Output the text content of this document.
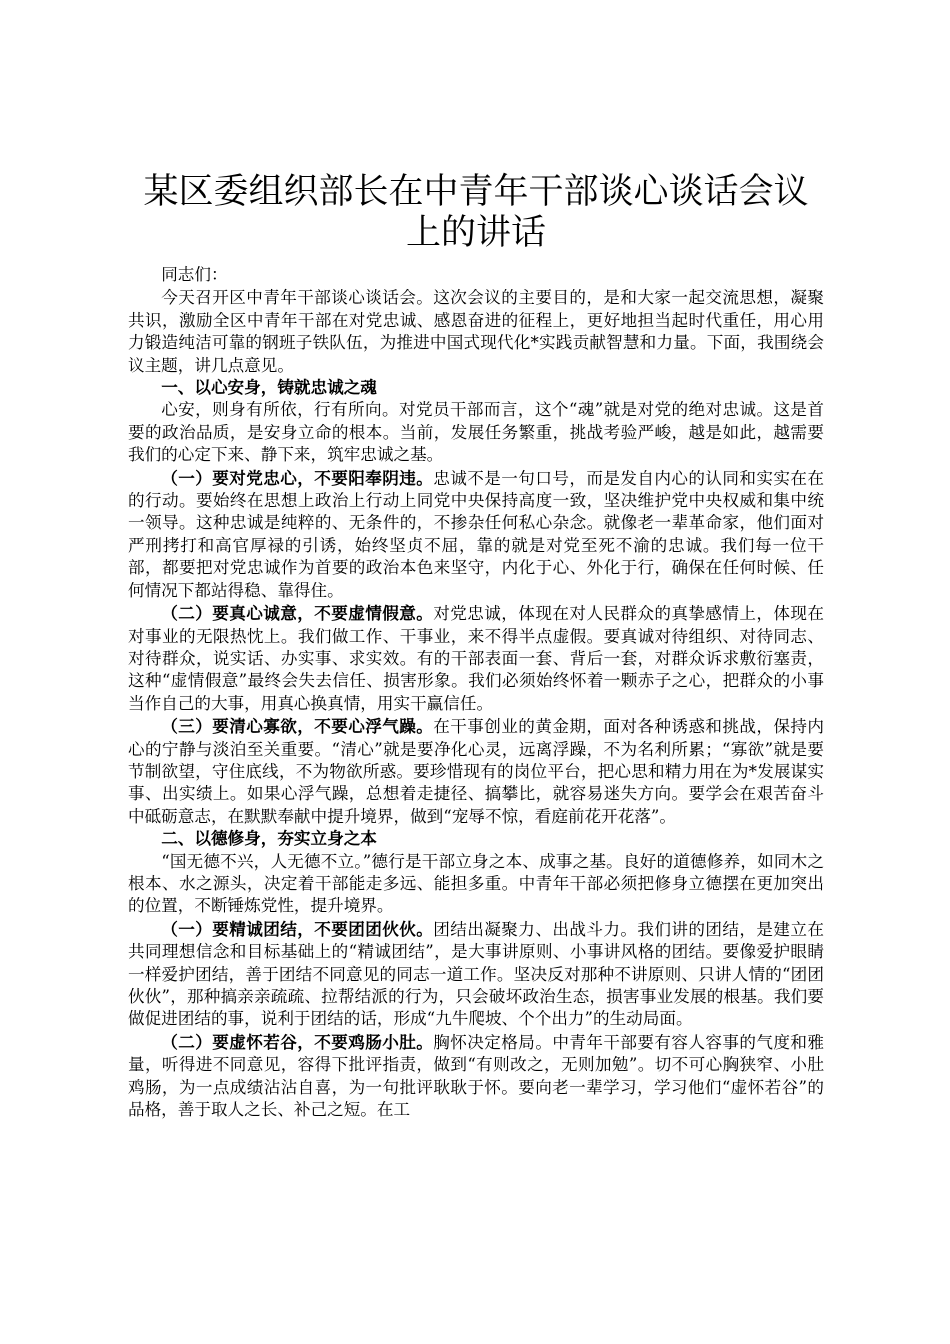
某区委组织部长在中青年干部谈心谈话会议上的讲话

同志们：

今天召开区中青年干部谈心谈话会。这次会议的主要目的，是和大家一起交流思想，凝聚共识，激励全区中青年干部在对党忠诚、感恩奋进的征程上，更好地担当起时代重任，用心用力锻造纯洁可靠的钢班子铁队伍，为推进中国式现代化*实践贡献智慧和力量。下面，我围绕会议主题，讲几点意见。

一、以心安身，铸就忠诚之魂

心安，则身有所依，行有所向。对党员干部而言，这个“魂”就是对党的绝对忠诚。这是首要的政治品质，是安身立命的根本。当前，发展任务繁重，挑战考验严峻，越是如此，越需要我们的心定下来、静下来，筑牢忠诚之基。

（一）要对党忠心，不要阳奉阴违。忠诚不是一句口号，而是发自内心的认同和实实在在的行动。要始终在思想上政治上行动上同党中央保持高度一致，坚决维护党中央权威和集中统一领导。这种忠诚是纯粹的、无条件的，不掺杂任何私心杂念。就像老一辈革命家，他们面对严刑拷打和高官厚禄的引诱，始终坚贞不屈，靠的就是对党至死不渝的忠诚。我们每一位干部，都要把对党忠诚作为首要的政治本色来坚守，内化于心、外化于行，确保在任何时候、任何情况下都站得稳、靠得住。

（二）要真心诚意，不要虚情假意。对党忠诚，体现在对人民群众的真挚感情上，体现在对事业的无限热忱上。我们做工作、干事业，来不得半点虚假。要真诚对待组织、对待同志、对待群众，说实话、办实事、求实效。有的干部表面一套、背后一套，对群众诉求敷衍塞责，这种“虚情假意”最终会失去信任、损害形象。我们必须始终怀着一颗赤子之心，把群众的小事当作自己的大事，用真心换真情，用实干赢信任。

（三）要清心寡欲，不要心浮气躁。在干事创业的黄金期，面对各种诱惑和挑战，保持内心的宁静与淡泊至关重要。“清心”就是要净化心灵，远离浮躁，不为名利所累；“寡欲”就是要节制欲望，守住底线，不为物欲所惑。要珍惜现有的岗位平台，把心思和精力用在为*发展谋实事、出实绩上。如果心浮气躁，总想着走捷径、搞攀比，就容易迷失方向。要学会在艰苦奋斗中砥砺意志，在默默奉献中提升境界，做到“宠辱不惊，看庭前花开花落”。

二、以德修身，夯实立身之本

“国无德不兴，人无德不立。”德行是干部立身之本、成事之基。良好的道德修养，如同木之根本、水之源头，决定着干部能走多远、能担多重。中青年干部必须把修身立德摆在更加突出的位置，不断锤炼党性，提升境界。

（一）要精诚团结，不要团团伙伙。团结出凝聚力、出战斗力。我们讲的团结，是建立在共同理想信念和目标基础上的“精诚团结”，是大事讲原则、小事讲风格的团结。要像爱护眼睛一样爱护团结，善于团结不同意见的同志一道工作。坚决反对那种不讲原则、只讲人情的“团团伙伙”，那种搞亲亲疏疏、拉帮结派的行为，只会破坏政治生态，损害事业发展的根基。我们要做促进团结的事，说利于团结的话，形成“九牛爬坡、个个出力”的生动局面。

（二）要虚怀若谷，不要鸡肠小肚。胸怀决定格局。中青年干部要有容人容事的气度和雅量，听得进不同意见，容得下批评指责，做到“有则改之，无则加勉”。切不可心胸狭窄、小肚鸡肠，为一点成绩沾沾自喜，为一句批评耿耿于怀。要向老一辈学习，学习他们“虚怀若谷”的品格，善于取人之长、补己之短。在工
